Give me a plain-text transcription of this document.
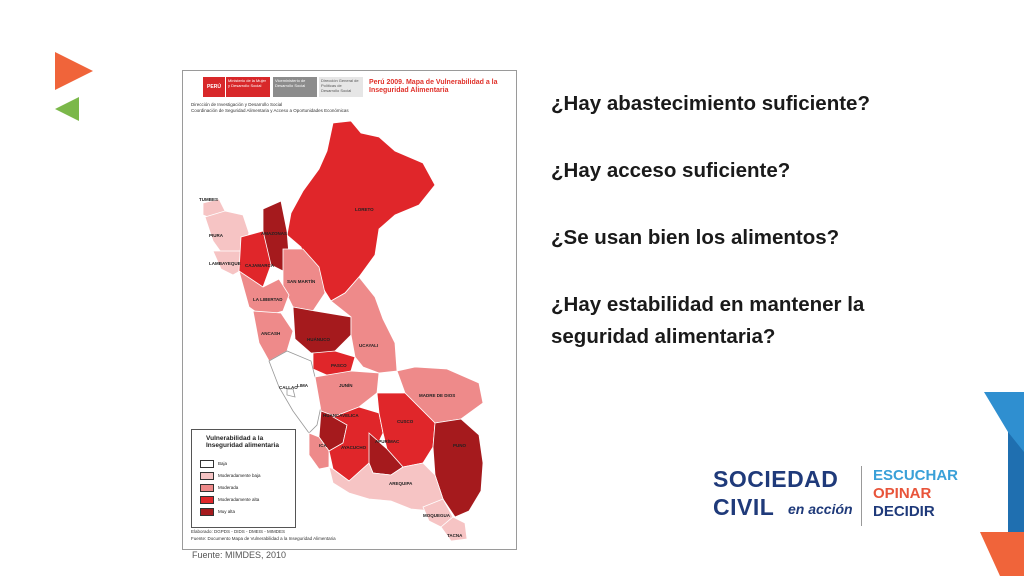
LORETO
TUMBES
PIURA
LAMBAYEQUE
AMAZONAS
CAJAMARCA
SAN MARTÍN
LA LIBERTAD
ANCASH
HUÁNUCO
PASCO
UCAYALI
CALLAO LIMA	JUNÍN
MADRE DE DIOS
HUANCAVELICA
ICA	AYACUCHO
APURÍMAC
CUSCO
PUNO
AREQUIPA
MOQUEGUA
TACNA
PERÚ
Ministerio de la Mujer y Desarrollo Social
Viceministerio de Desarrollo Social
Dirección General de Políticas de Desarrollo Social
Perú 2009. Mapa de Vulnerabilidad a la Inseguridad Alimentaria
Dirección de Investigación y Desarrollo Social
Coordinación de Seguridad Alimentaria y Acceso a Oportunidades Económicas
Vulnerabilidad a la Inseguridad alimentaria
Baja
Moderadamente baja
Moderada
Moderadamente alta
Muy alta
Elaborado: DGPDS - DIDS - DMEIS - MIMDES
Fuente: Documento Mapa de Vulnerabilidad a la Inseguridad Alimentaria
Fuente: MIMDES, 2010
¿Hay abastecimiento suficiente?
¿Hay acceso suficiente?
¿Se usan bien los alimentos?
¿Hay estabilidad en mantener la seguridad alimentaria?
SOCIEDAD
CIVIL en acción
ESCUCHAR
OPINAR
DECIDIR
